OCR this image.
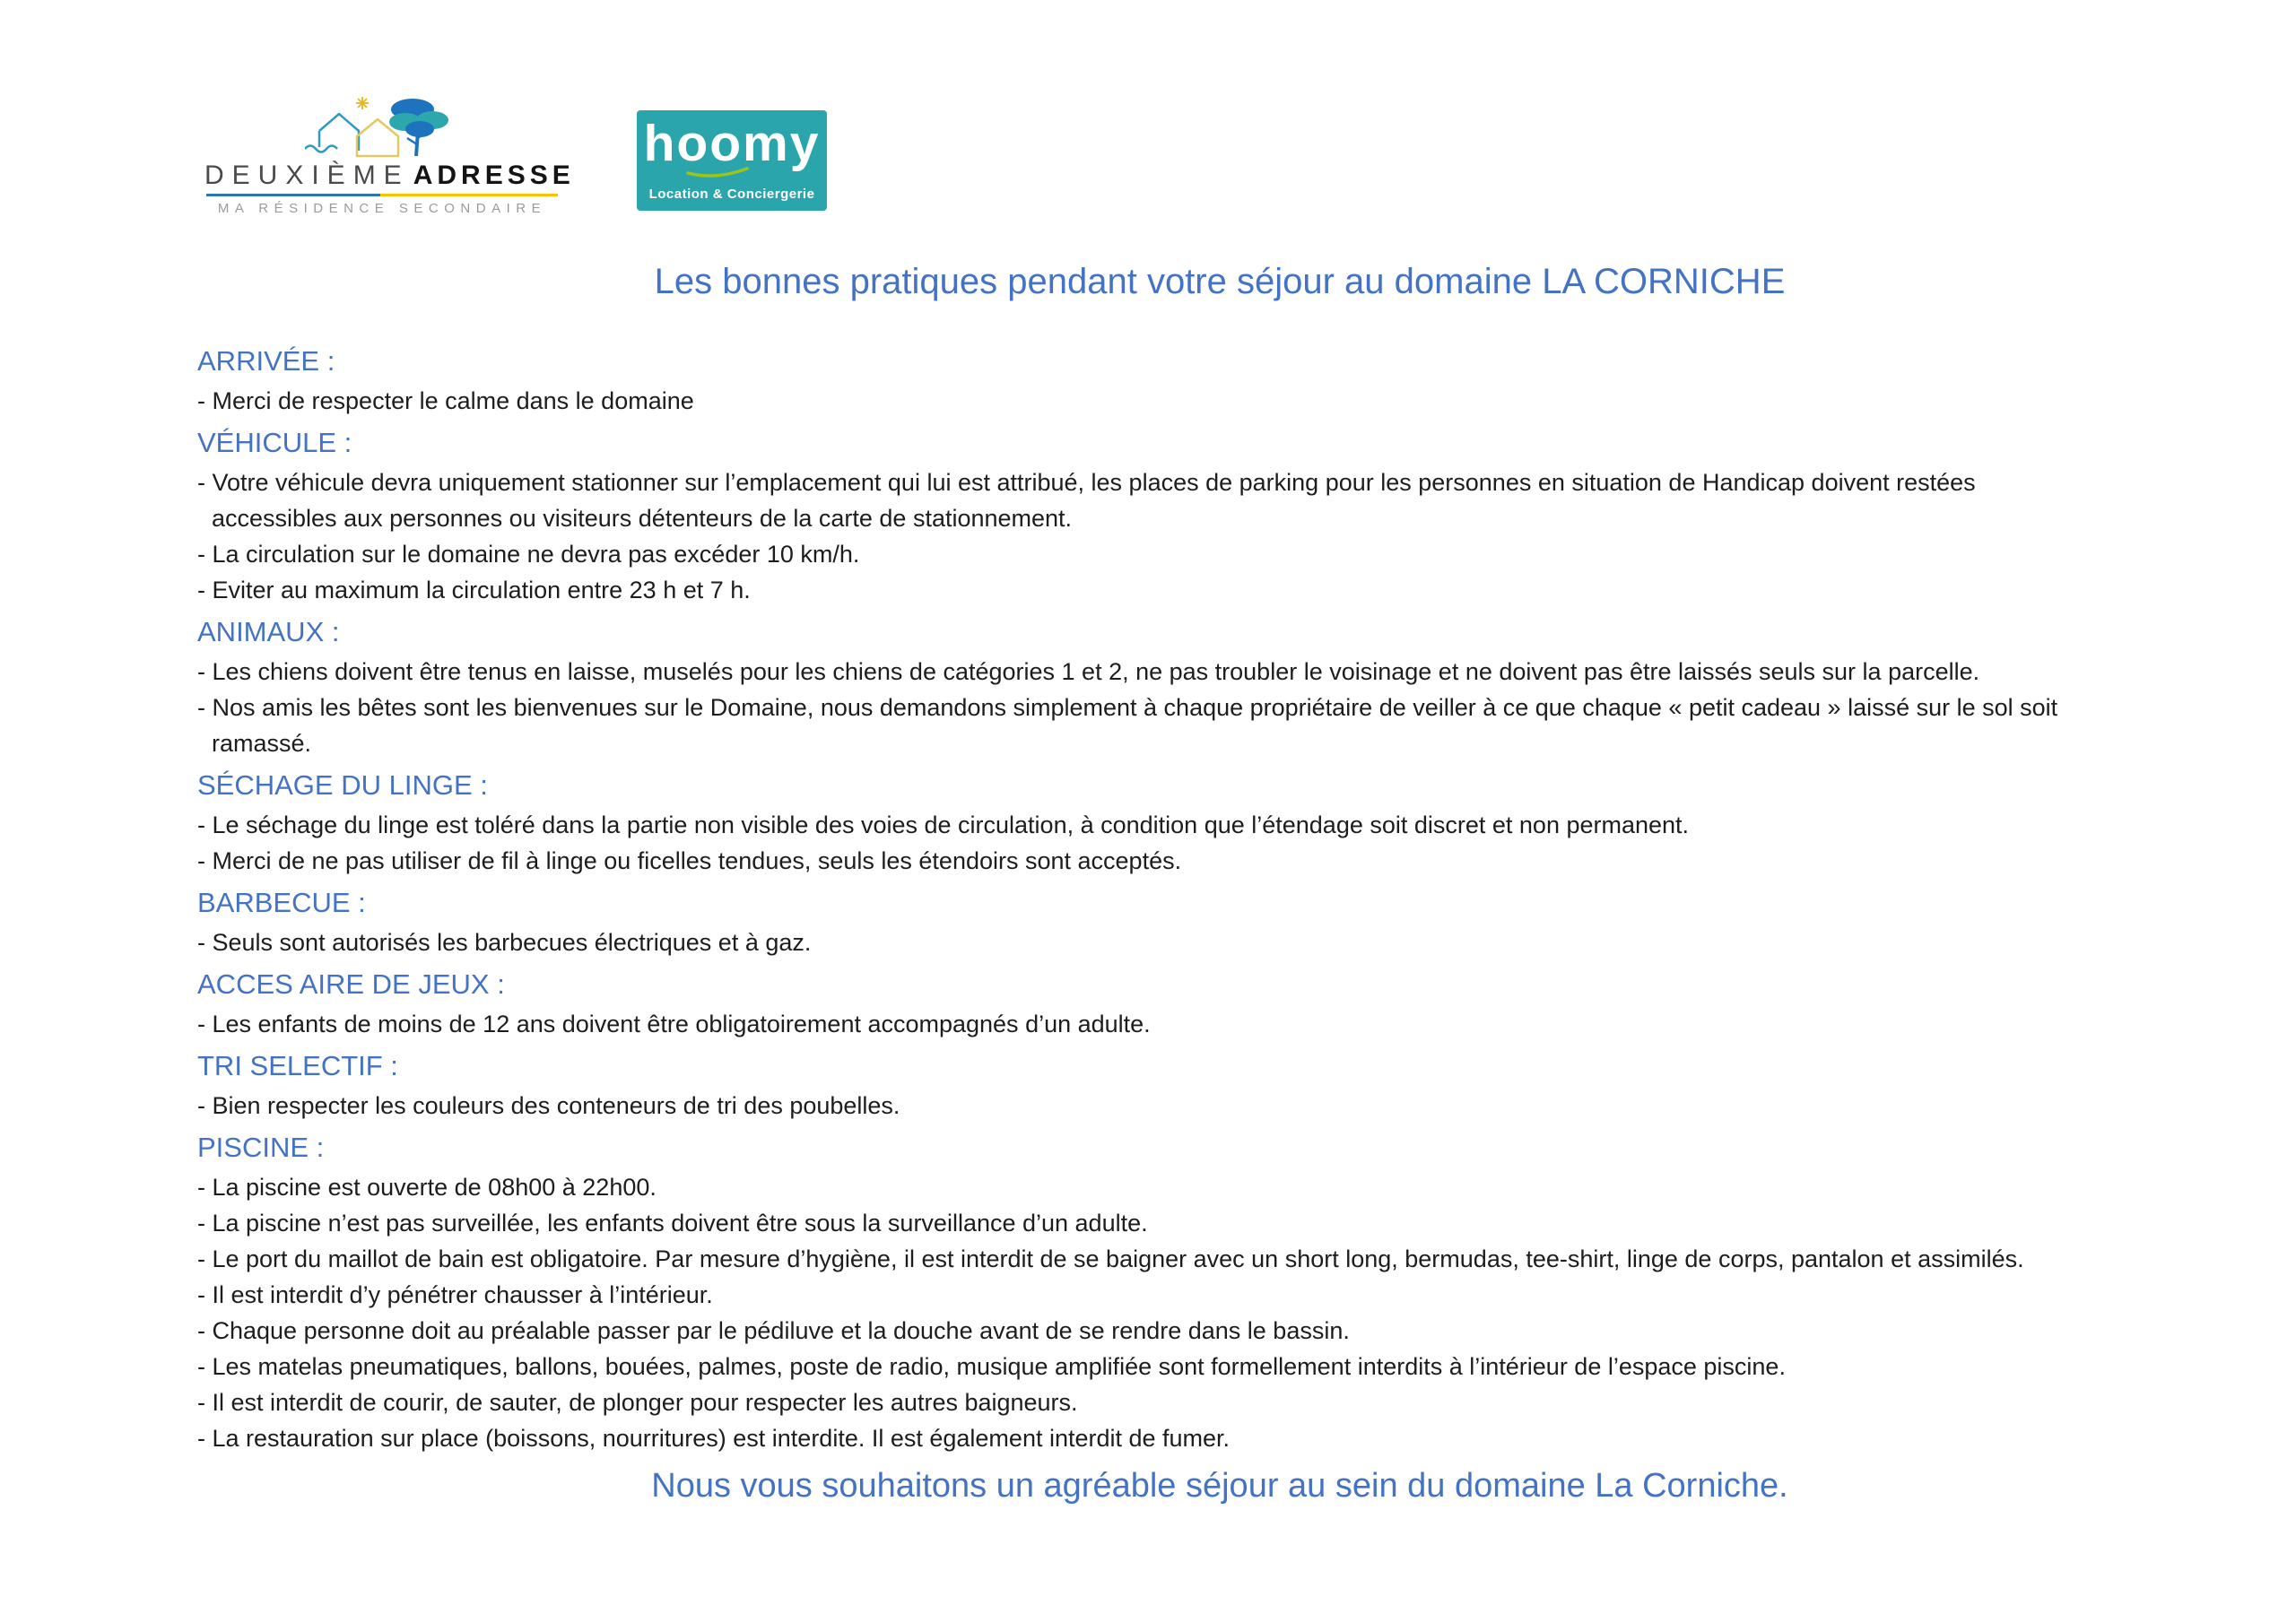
DEUXIÈME ADRESSE
MA RÉSIDENCE SECONDAIRE
hoomy
Location & Conciergerie
Les bonnes pratiques pendant votre séjour au domaine LA CORNICHE
ARRIVÉE :
- Merci de respecter le calme dans le domaine
VÉHICULE :
- Votre véhicule devra uniquement stationner sur l’emplacement qui lui est attribué, les places de parking pour les personnes en situation de Handicap doivent restées
accessibles aux personnes ou visiteurs détenteurs de la carte de stationnement.
- La circulation sur le domaine ne devra pas excéder 10 km/h.
- Eviter au maximum la circulation entre 23 h et 7 h.
ANIMAUX :
- Les chiens doivent être tenus en laisse, muselés pour les chiens de catégories 1 et 2, ne pas troubler le voisinage et ne doivent pas être laissés seuls sur la parcelle.
- Nos amis les bêtes sont les bienvenues sur le Domaine, nous demandons simplement à chaque propriétaire de veiller à ce que chaque « petit cadeau » laissé sur le sol soit
ramassé.
SÉCHAGE DU LINGE :
- Le séchage du linge est toléré dans la partie non visible des voies de circulation, à condition que l’étendage soit discret et non permanent.
- Merci de ne pas utiliser de fil à linge ou ficelles tendues, seuls les étendoirs sont acceptés.
BARBECUE :
- Seuls sont autorisés les barbecues électriques et à gaz.
ACCES AIRE DE JEUX :
- Les enfants de moins de 12 ans doivent être obligatoirement accompagnés d’un adulte.
TRI SELECTIF :
- Bien respecter les couleurs des conteneurs de tri des poubelles.
PISCINE :
- La piscine est ouverte de 08h00 à 22h00.
- La piscine n’est pas surveillée, les enfants doivent être sous la surveillance d’un adulte.
- Le port du maillot de bain est obligatoire. Par mesure d’hygiène, il est interdit de se baigner avec un short long, bermudas, tee-shirt, linge de corps, pantalon et assimilés.
- Il est interdit d’y pénétrer chausser à l’intérieur.
- Chaque personne doit au préalable passer par le pédiluve et la douche avant de se rendre dans le bassin.
- Les matelas pneumatiques, ballons, bouées, palmes, poste de radio, musique amplifiée sont formellement interdits à l’intérieur de l’espace piscine.
- Il est interdit de courir, de sauter, de plonger pour respecter les autres baigneurs.
- La restauration sur place (boissons, nourritures) est interdite. Il est également interdit de fumer.
Nous vous souhaitons un agréable séjour au sein du domaine La Corniche.
